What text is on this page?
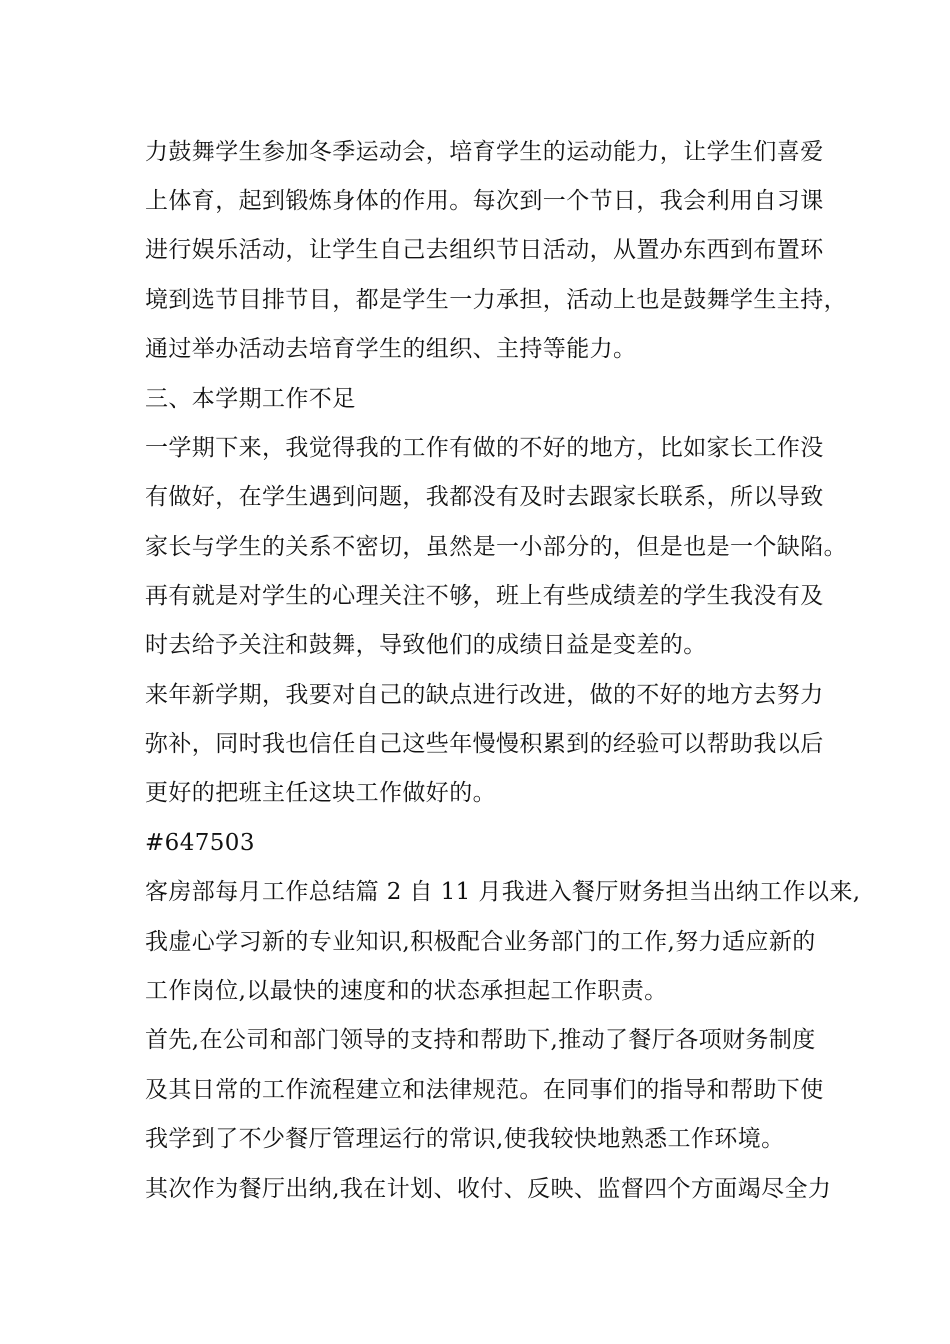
力鼓舞学生参加冬季运动会，培育学生的运动能力，让学生们喜爱
上体育，起到锻炼身体的作用。每次到一个节日，我会利用自习课
进行娱乐活动，让学生自己去组织节日活动，从置办东西到布置环
境到选节目排节目，都是学生一力承担，活动上也是鼓舞学生主持，
通过举办活动去培育学生的组织、主持等能力。
三、本学期工作不足
一学期下来，我觉得我的工作有做的不好的地方，比如家长工作没
有做好，在学生遇到问题，我都没有及时去跟家长联系，所以导致
家长与学生的关系不密切，虽然是一小部分的，但是也是一个缺陷。
再有就是对学生的心理关注不够，班上有些成绩差的学生我没有及
时去给予关注和鼓舞，导致他们的成绩日益是变差的。
来年新学期，我要对自己的缺点进行改进，做的不好的地方去努力
弥补，同时我也信任自己这些年慢慢积累到的经验可以帮助我以后
更好的把班主任这块工作做好的。
#647503
客房部每月工作总结篇 2 自 11 月我进入餐厅财务担当出纳工作以来,
我虚心学习新的专业知识,积极配合业务部门的工作,努力适应新的
工作岗位,以最快的速度和的状态承担起工作职责。
首先,在公司和部门领导的支持和帮助下,推动了餐厅各项财务制度
及其日常的工作流程建立和法律规范。在同事们的指导和帮助下使
我学到了不少餐厅管理运行的常识,使我较快地熟悉工作环境。
其次作为餐厅出纳,我在计划、收付、反映、监督四个方面竭尽全力
